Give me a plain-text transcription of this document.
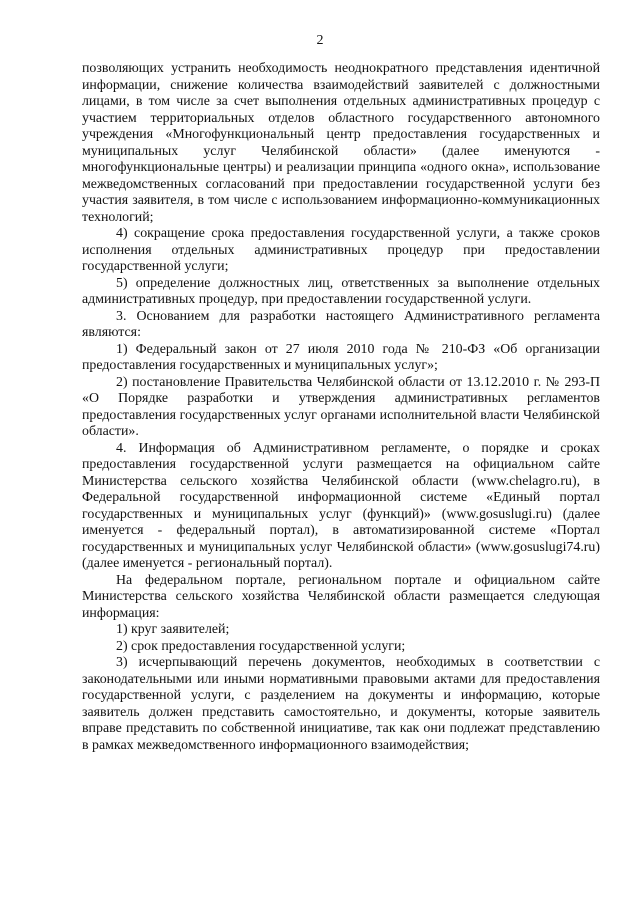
2

позволяющих устранить необходимость неоднократного представления идентичной информации, снижение количества взаимодействий заявителей с должностными лицами, в том числе за счет выполнения отдельных административных процедур с участием территориальных отделов областного государственного автономного учреждения «Многофункциональный центр предоставления государственных и муниципальных услуг Челябинской области» (далее именуются - многофункциональные центры) и реализации принципа «одного окна», использование межведомственных согласований при предоставлении государственной услуги без участия заявителя, в том числе с использованием информационно-коммуникационных технологий;

4) сокращение срока предоставления государственной услуги, а также сроков исполнения отдельных административных процедур при предоставлении государственной услуги;

5) определение должностных лиц, ответственных за выполнение отдельных административных процедур, при предоставлении государственной услуги.

3. Основанием для разработки настоящего Административного регламента являются:

1) Федеральный закон от 27 июля 2010 года № 210-ФЗ «Об организации предоставления государственных и муниципальных услуг»;

2) постановление Правительства Челябинской области от 13.12.2010 г. № 293-П «О Порядке разработки и утверждения административных регламентов предоставления государственных услуг органами исполнительной власти Челябинской области».

4. Информация об Административном регламенте, о порядке и сроках предоставления государственной услуги размещается на официальном сайте Министерства сельского хозяйства Челябинской области (www.chelagro.ru), в Федеральной государственной информационной системе «Единый портал государственных и муниципальных услуг (функций)» (www.gosuslugi.ru) (далее именуется - федеральный портал), в автоматизированной системе «Портал государственных и муниципальных услуг Челябинской области» (www.gosuslugi74.ru) (далее именуется - региональный портал).

На федеральном портале, региональном портале и официальном сайте Министерства сельского хозяйства Челябинской области размещается следующая информация:

1) круг заявителей;

2) срок предоставления государственной услуги;

3) исчерпывающий перечень документов, необходимых в соответствии с законодательными или иными нормативными правовыми актами для предоставления государственной услуги, с разделением на документы и информацию, которые заявитель должен представить самостоятельно, и документы, которые заявитель вправе представить по собственной инициативе, так как они подлежат представлению в рамках межведомственного информационного взаимодействия;
